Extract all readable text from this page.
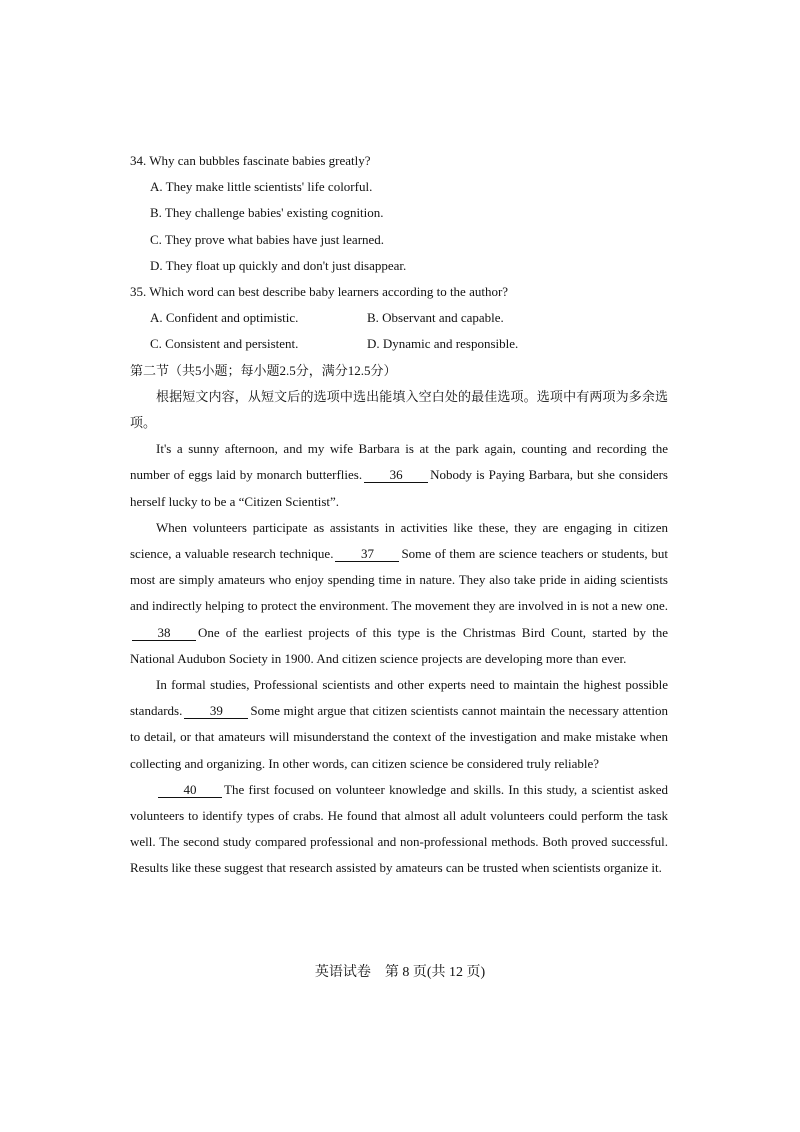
34. Why can bubbles fascinate babies greatly?
A. They make little scientists' life colorful.
B. They challenge babies' existing cognition.
C. They prove what babies have just learned.
D. They float up quickly and don't just disappear.
35. Which word can best describe baby learners according to the author?
A. Confident and optimistic.	B. Observant and capable.
C. Consistent and persistent.	D. Dynamic and responsible.
第二节（共5小题；每小题2.5分，满分12.5分）
根据短文内容，从短文后的选项中选出能填入空白处的最佳选项。选项中有两项为多余选项。
It's a sunny afternoon, and my wife Barbara is at the park again, counting and recording the number of eggs laid by monarch butterflies. 36 Nobody is Paying Barbara, but she considers herself lucky to be a “Citizen Scientist”.
When volunteers participate as assistants in activities like these, they are engaging in citizen science, a valuable research technique. 37 Some of them are science teachers or students, but most are simply amateurs who enjoy spending time in nature. They also take pride in aiding scientists and indirectly helping to protect the environment. The movement they are involved in is not a new one.38 One of the earliest projects of this type is the Christmas Bird Count, started by the National Audubon Society in 1900. And citizen science projects are developing more than ever.
In formal studies, Professional scientists and other experts need to maintain the highest possible standards. 39 Some might argue that citizen scientists cannot maintain the necessary attention to detail, or that amateurs will misunderstand the context of the investigation and make mistake when collecting and organizing. In other words, can citizen science be considered truly reliable?
40 The first focused on volunteer knowledge and skills. In this study, a scientist asked volunteers to identify types of crabs. He found that almost all adult volunteers could perform the task well. The second study compared professional and non-professional methods. Both proved successful. Results like these suggest that research assisted by amateurs can be trusted when scientists organize it.
英语试卷　第 8 页(共 12 页)
